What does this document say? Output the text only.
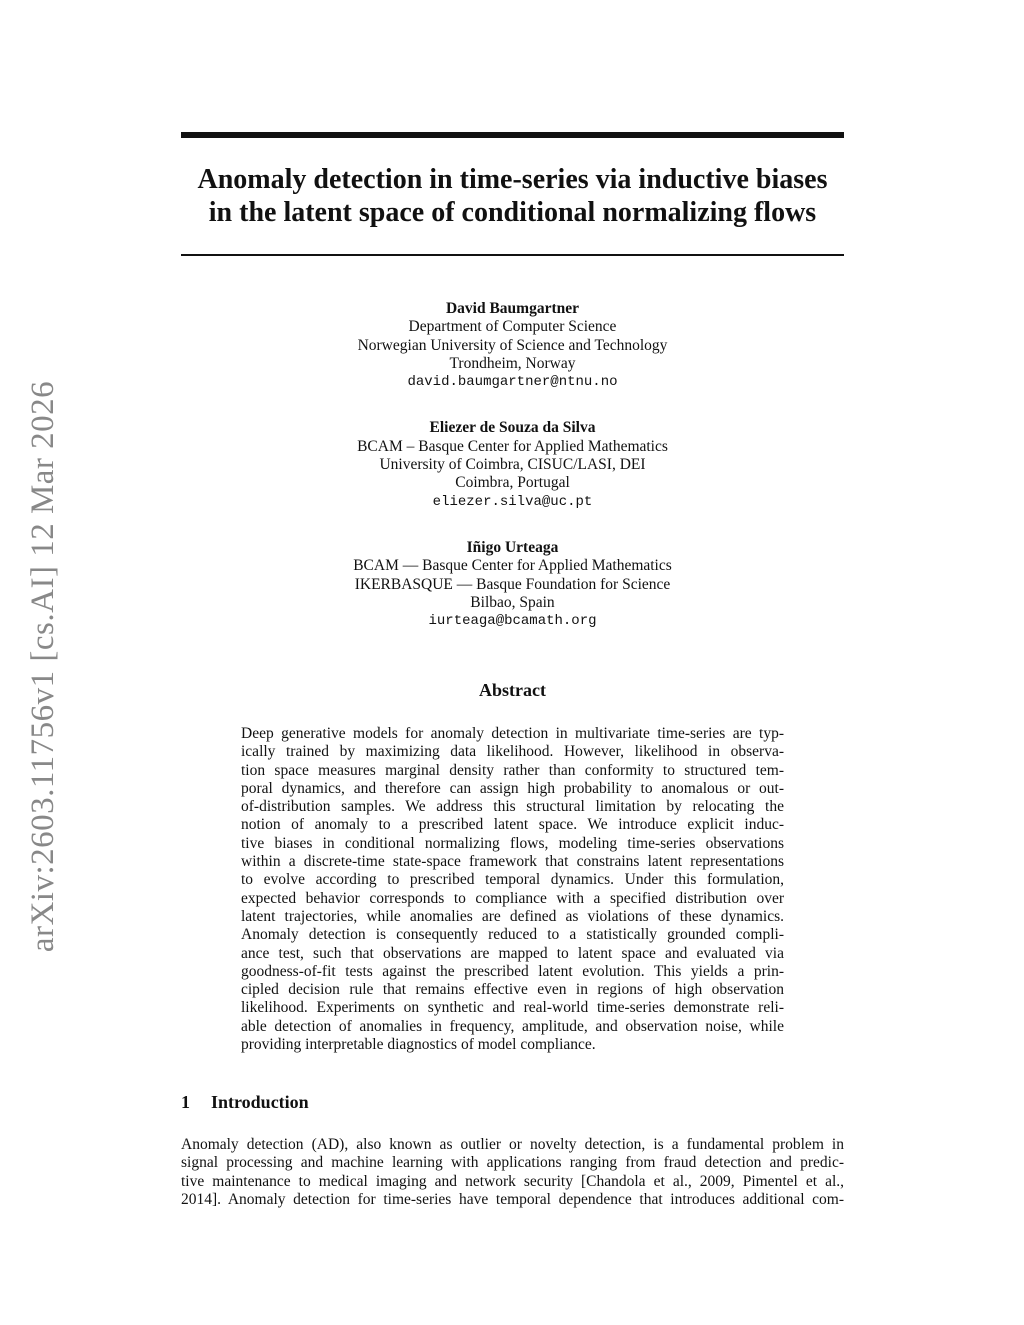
arXiv:2603.11756v1 [cs.AI] 12 Mar 2026
Anomaly detection in time-series via inductive biases
in the latent space of conditional normalizing flows
David Baumgartner
Department of Computer Science
Norwegian University of Science and Technology
Trondheim, Norway
david.baumgartner@ntnu.no
Eliezer de Souza da Silva
BCAM – Basque Center for Applied Mathematics
University of Coimbra, CISUC/LASI, DEI
Coimbra, Portugal
eliezer.silva@uc.pt
Iñigo Urteaga
BCAM — Basque Center for Applied Mathematics
IKERBASQUE — Basque Foundation for Science
Bilbao, Spain
iurteaga@bcamath.org
Abstract
Deep generative models for anomaly detection in multivariate time-series are typ-
ically trained by maximizing data likelihood. However, likelihood in observa-
tion space measures marginal density rather than conformity to structured tem-
poral dynamics, and therefore can assign high probability to anomalous or out-
of-distribution samples. We address this structural limitation by relocating the
notion of anomaly to a prescribed latent space. We introduce explicit induc-
tive biases in conditional normalizing flows, modeling time-series observations
within a discrete-time state-space framework that constrains latent representations
to evolve according to prescribed temporal dynamics. Under this formulation,
expected behavior corresponds to compliance with a specified distribution over
latent trajectories, while anomalies are defined as violations of these dynamics.
Anomaly detection is consequently reduced to a statistically grounded compli-
ance test, such that observations are mapped to latent space and evaluated via
goodness-of-fit tests against the prescribed latent evolution. This yields a prin-
cipled decision rule that remains effective even in regions of high observation
likelihood. Experiments on synthetic and real-world time-series demonstrate reli-
able detection of anomalies in frequency, amplitude, and observation noise, while
providing interpretable diagnostics of model compliance.
1 Introduction
Anomaly detection (AD), also known as outlier or novelty detection, is a fundamental problem in
signal processing and machine learning with applications ranging from fraud detection and predic-
tive maintenance to medical imaging and network security [Chandola et al., 2009, Pimentel et al.,
2014]. Anomaly detection for time-series have temporal dependence that introduces additional com-
